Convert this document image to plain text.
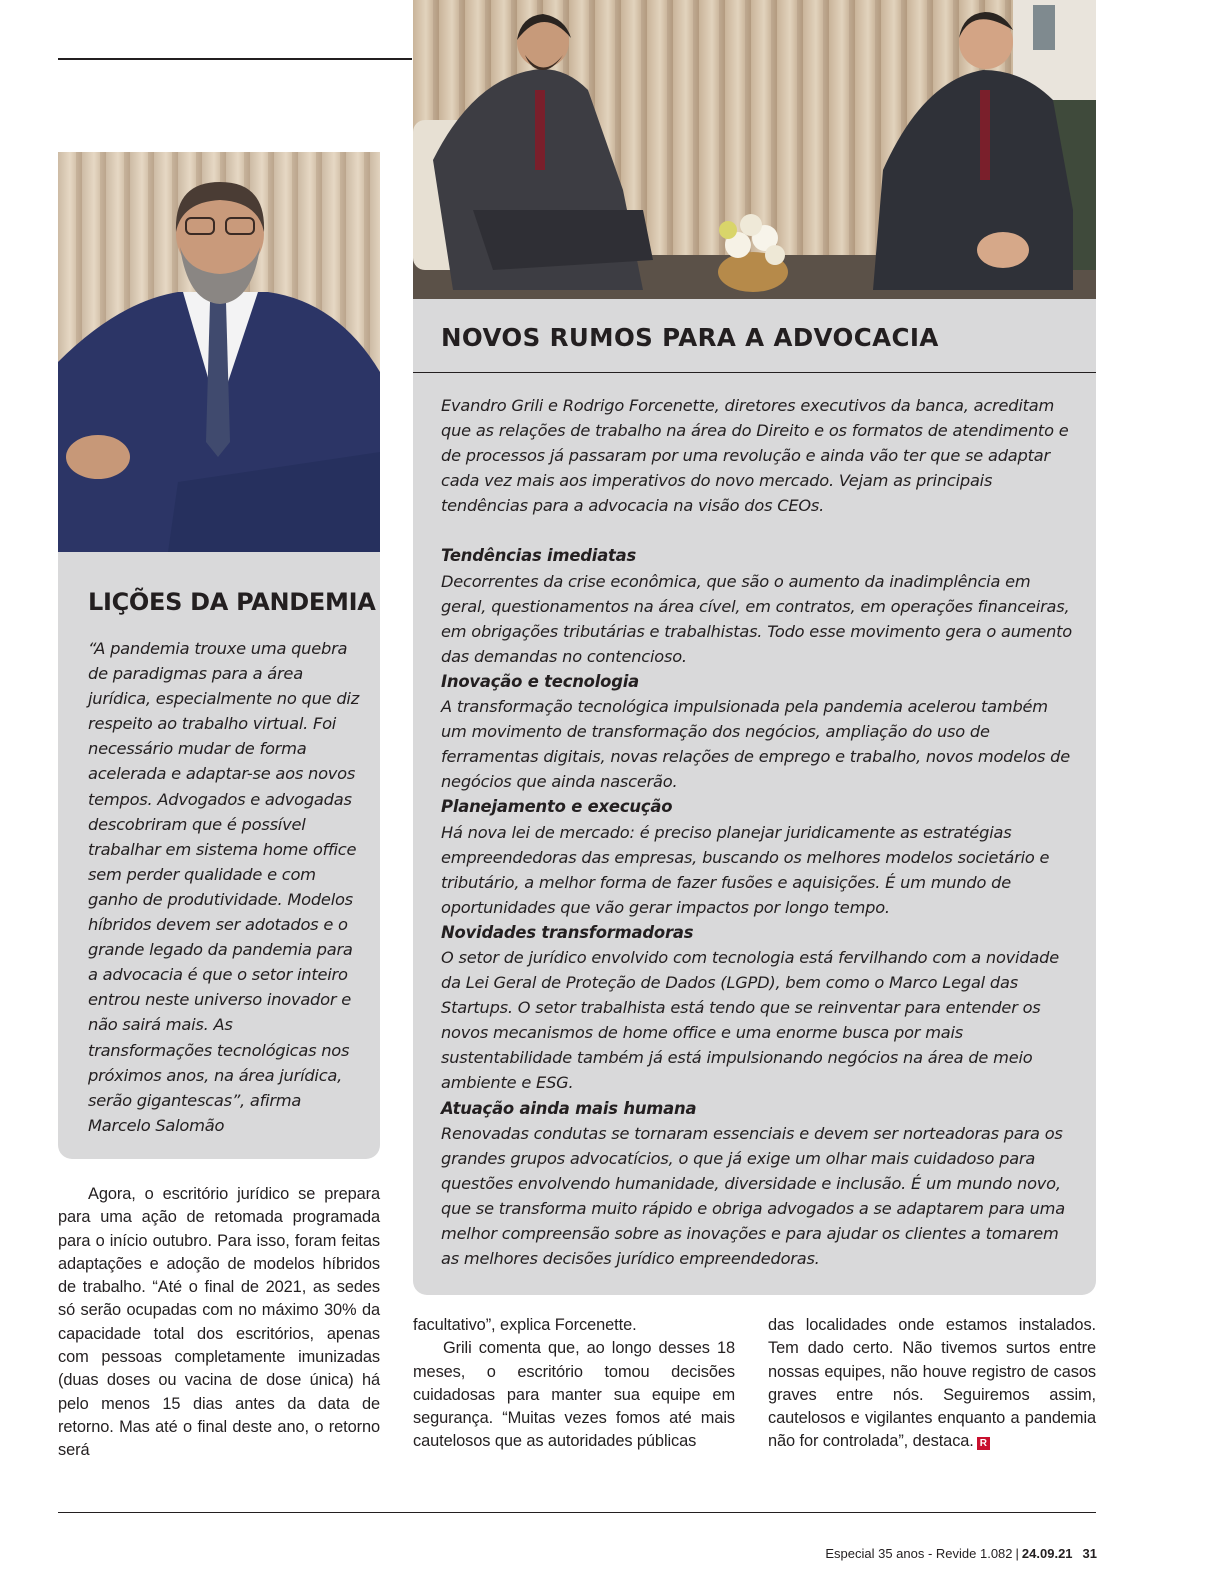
LIÇÕES DA PANDEMIA

“A pandemia trouxe uma quebra de paradigmas para a área jurídica, especialmente no que diz respeito ao trabalho virtual. Foi necessário mudar de forma acelerada e adaptar-se aos novos tempos. Advogados e advogadas descobriram que é possível trabalhar em sistema home office sem perder qualidade e com ganho de produtividade. Modelos híbridos devem ser adotados e o grande legado da pandemia para a advocacia é que o setor inteiro entrou neste universo inovador e não sairá mais. As transformações tecnológicas nos próximos anos, na área jurídica, serão gigantescas”, afirma Marcelo Salomão

NOVOS RUMOS PARA A ADVOCACIA

Evandro Grili e Rodrigo Forcenette, diretores executivos da banca, acreditam que as relações de trabalho na área do Direito e os formatos de atendimento e de processos já passaram por uma revolução e ainda vão ter que se adaptar cada vez mais aos imperativos do novo mercado. Vejam as principais tendências para a advocacia na visão dos CEOs.

Tendências imediatas

Decorrentes da crise econômica, que são o aumento da inadimplência em geral, questionamentos na área cível, em contratos, em operações financeiras, em obrigações tributárias e trabalhistas. Todo esse movimento gera o aumento das demandas no contencioso.

Inovação e tecnologia

A transformação tecnológica impulsionada pela pandemia acelerou também um movimento de transformação dos negócios, ampliação do uso de ferramentas digitais, novas relações de emprego e trabalho, novos modelos de negócios que ainda nascerão.

Planejamento e execução

Há nova lei de mercado: é preciso planejar juridicamente as estratégias empreendedoras das empresas, buscando os melhores modelos societário e tributário, a melhor forma de fazer fusões e aquisições. É um mundo de oportunidades que vão gerar impactos por longo tempo.

Novidades transformadoras

O setor de jurídico envolvido com tecnologia está fervilhando com a novidade da Lei Geral de Proteção de Dados (LGPD), bem como o Marco Legal das Startups. O setor trabalhista está tendo que se reinventar para entender os novos mecanismos de home office e uma enorme busca por mais sustentabilidade também já está impulsionando negócios na área de meio ambiente e ESG.

Atuação ainda mais humana

Renovadas condutas se tornaram essenciais e devem ser norteadoras para os grandes grupos advocatícios, o que já exige um olhar mais cuidadoso para questões envolvendo humanidade, diversidade e inclusão. É um mundo novo, que se transforma muito rápido e obriga advogados a se adaptarem para uma melhor compreensão sobre as inovações e para ajudar os clientes a tomarem as melhores decisões jurídico empreendedoras.

Agora, o escritório jurídico se prepara para uma ação de retomada programada para o início outubro. Para isso, foram feitas adaptações e adoção de modelos híbridos de trabalho. “Até o final de 2021, as sedes só serão ocupadas com no máximo 30% da capacidade total dos escritórios, apenas com pessoas completamente imunizadas (duas doses ou vacina de dose única) há pelo menos 15 dias antes da data de retorno. Mas até o final deste ano, o retorno será

facultativo”, explica Forcenette.

Grili comenta que, ao longo desses 18 meses, o escritório tomou decisões cuidadosas para manter sua equipe em segurança. “Muitas vezes fomos até mais cautelosos que as autoridades públicas

das localidades onde estamos instalados. Tem dado certo. Não tivemos surtos entre nossas equipes, não houve registro de casos graves entre nós. Seguiremos assim, cautelosos e vigilantes enquanto a pandemia não for controlada”, destaca. R

Especial 35 anos - Revide 1.082 | 24.09.21 31
